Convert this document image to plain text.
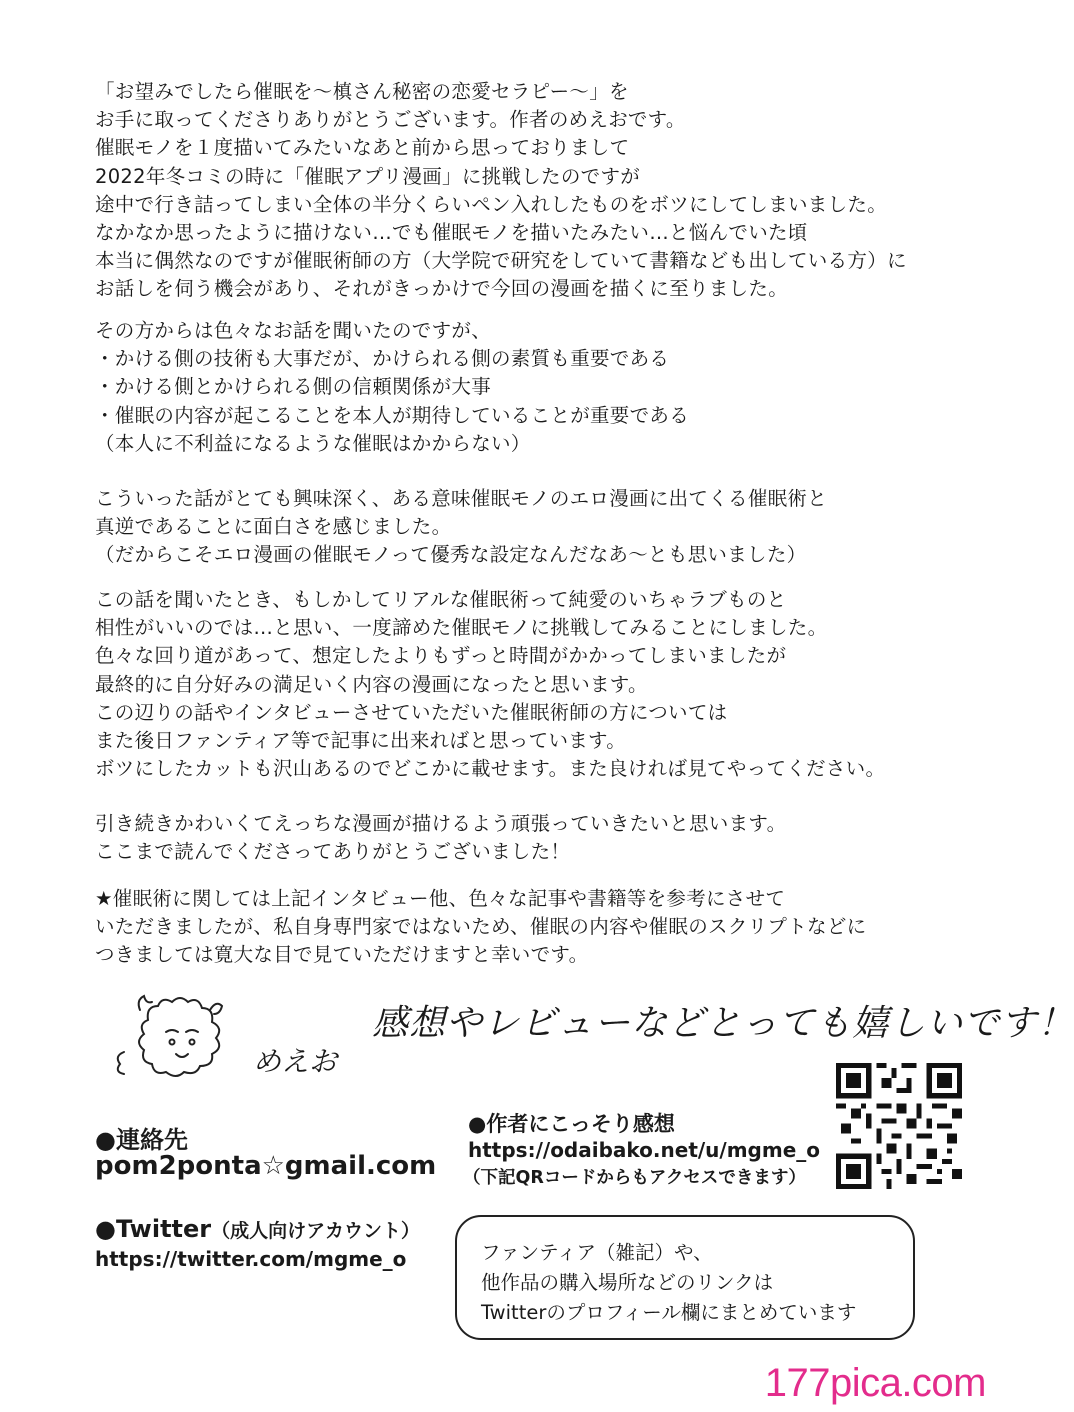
「お望みでしたら催眠を〜槙さん秘密の恋愛セラピー〜」を
お手に取ってくださりありがとうございます。作者のめえおです。
催眠モノを１度描いてみたいなあと前から思っておりまして
2022年冬コミの時に「催眠アプリ漫画」に挑戦したのですが
途中で行き詰ってしまい全体の半分くらいペン入れしたものをボツにしてしまいました。
なかなか思ったように描けない…でも催眠モノを描いたみたい…と悩んでいた頃
本当に偶然なのですが催眠術師の方（大学院で研究をしていて書籍なども出している方）に
お話しを伺う機会があり、それがきっかけで今回の漫画を描くに至りました。
その方からは色々なお話を聞いたのですが、
・かける側の技術も大事だが、かけられる側の素質も重要である
・かける側とかけられる側の信頼関係が大事
・催眠の内容が起こることを本人が期待していることが重要である
（本人に不利益になるような催眠はかからない）
こういった話がとても興味深く、ある意味催眠モノのエロ漫画に出てくる催眠術と
真逆であることに面白さを感じました。
（だからこそエロ漫画の催眠モノって優秀な設定なんだなあ〜とも思いました）
この話を聞いたとき、もしかしてリアルな催眠術って純愛のいちゃラブものと
相性がいいのでは…と思い、一度諦めた催眠モノに挑戦してみることにしました。
色々な回り道があって、想定したよりもずっと時間がかかってしまいましたが
最終的に自分好みの満足いく内容の漫画になったと思います。
この辺りの話やインタビューさせていただいた催眠術師の方については
また後日ファンティア等で記事に出来ればと思っています。
ボツにしたカットも沢山あるのでどこかに載せます。また良ければ見てやってください。
引き続きかわいくてえっちな漫画が描けるよう頑張っていきたいと思います。
ここまで読んでくださってありがとうございました！
★催眠術に関しては上記インタビュー他、色々な記事や書籍等を参考にさせて
いただきましたが、私自身専門家ではないため、催眠の内容や催眠のスクリプトなどに
つきましては寛大な目で見ていただけますと幸いです。
めえお
感想やレビューなどとっても嬉しいです！
●連絡先
pom2ponta☆gmail.com
●作者にこっそり感想
https://odaibako.net/u/mgme_o
（下記QRコードからもアクセスできます）
●Twitter（成人向けアカウント）
https://twitter.com/mgme_o	ファンティア（雑記）や、
他作品の購入場所などのリンクは
Twitterのプロフィール欄にまとめています
177pica.com
